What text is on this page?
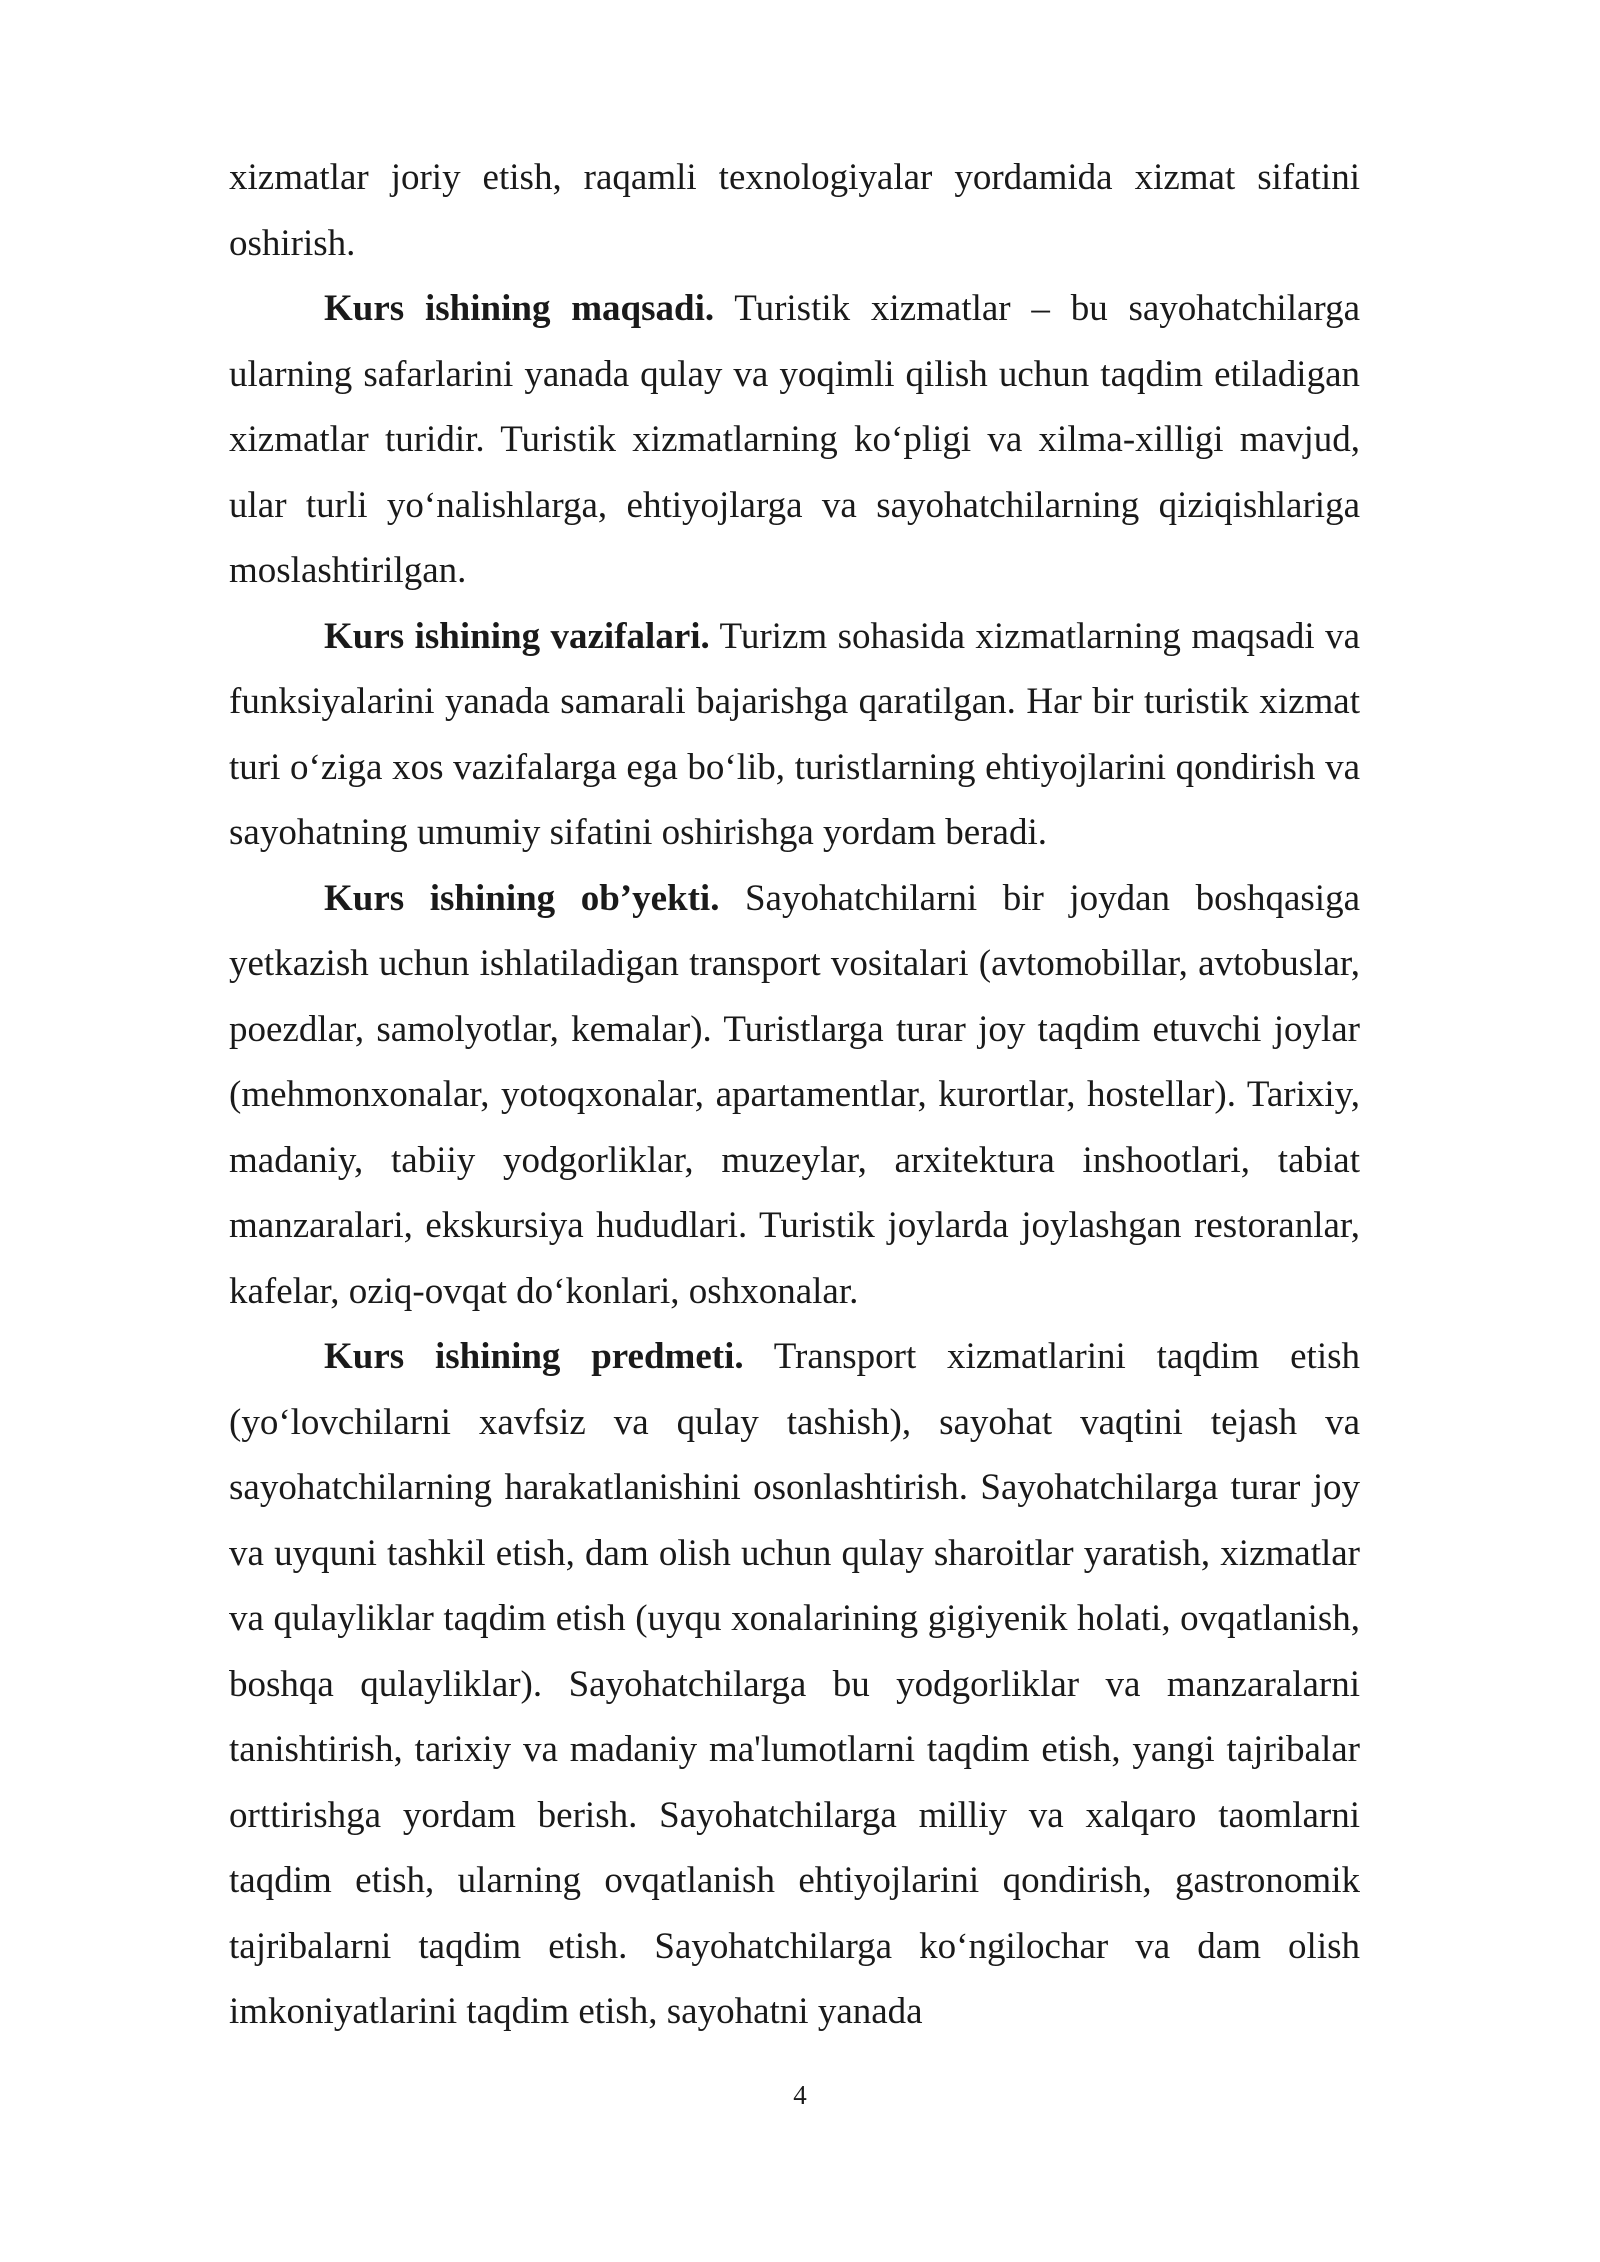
xizmatlar joriy etish, raqamli texnologiyalar yordamida xizmat sifatini oshirish.

Kurs ishining maqsadi. Turistik xizmatlar – bu sayohatchilarga ularning safarlarini yanada qulay va yoqimli qilish uchun taqdim etiladigan xizmatlar turidir. Turistik xizmatlarning ko‘pligi va xilma-xilligi mavjud, ular turli yo‘nalishlarga, ehtiyojlarga va sayohatchilarning qiziqishlariga moslashtirilgan.

Kurs ishining vazifalari. Turizm sohasida xizmatlarning maqsadi va funksiyalarini yanada samarali bajarishga qaratilgan. Har bir turistik xizmat turi o‘ziga xos vazifalarga ega bo‘lib, turistlarning ehtiyojlarini qondirish va sayohatning umumiy sifatini oshirishga yordam beradi.

Kurs ishining ob’yekti. Sayohatchilarni bir joydan boshqasiga yetkazish uchun ishlatiladigan transport vositalari (avtomobillar, avtobuslar, poezdlar, samolyotlar, kemalar). Turistlarga turar joy taqdim etuvchi joylar (mehmonxonalar, yotoqxonalar, apartamentlar, kurortlar, hostellar). Tarixiy, madaniy, tabiiy yodgorliklar, muzeylar, arxitektura inshootlari, tabiat manzaralari, ekskursiya hududlari. Turistik joylarda joylashgan restoranlar, kafelar, oziq-ovqat do‘konlari, oshxonalar.

Kurs ishining predmeti. Transport xizmatlarini taqdim etish (yo‘lovchilarni xavfsiz va qulay tashish), sayohat vaqtini tejash va sayohatchilarning harakatlanishini osonlashtirish. Sayohatchilarga turar joy va uyquni tashkil etish, dam olish uchun qulay sharoitlar yaratish, xizmatlar va qulayliklar taqdim etish (uyqu xonalarining gigiyenik holati, ovqatlanish, boshqa qulayliklar). Sayohatchilarga bu yodgorliklar va manzaralarni tanishtirish, tarixiy va madaniy ma'lumotlarni taqdim etish, yangi tajribalar orttirishga yordam berish. Sayohatchilarga milliy va xalqaro taomlarni taqdim etish, ularning ovqatlanish ehtiyojlarini qondirish, gastronomik tajribalarni taqdim etish. Sayohatchilarga ko‘ngilochar va dam olish imkoniyatlarini taqdim etish, sayohatni yanada

4
